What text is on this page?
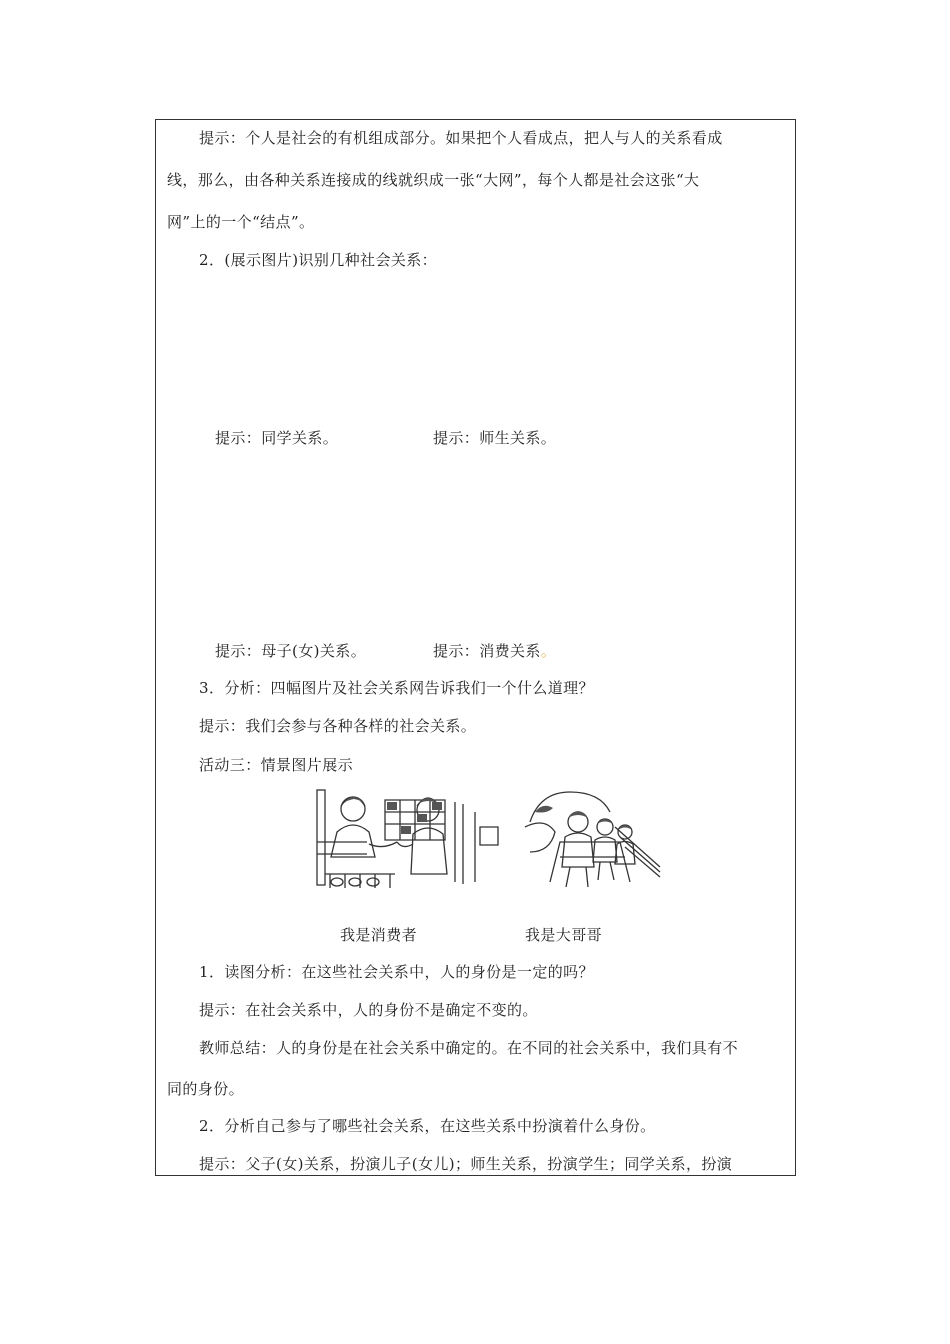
提示：个人是社会的有机组成部分。如果把个人看成点，把人与人的关系看成
线，那么，由各种关系连接成的线就织成一张“大网”，每个人都是社会这张“大
网”上的一个“结点”。
2．(展示图片)识别几种社会关系：
提示：同学关系。	提示：师生关系。
提示：母子(女)关系。	提示：消费关系。
3．分析：四幅图片及社会关系网告诉我们一个什么道理？
提示：我们会参与各种各样的社会关系。
活动三：情景图片展示
我是消费者	我是大哥哥
1．读图分析：在这些社会关系中，人的身份是一定的吗？
提示：在社会关系中，人的身份不是确定不变的。
教师总结：人的身份是在社会关系中确定的。在不同的社会关系中，我们具有不
同的身份。
2．分析自己参与了哪些社会关系，在这些关系中扮演着什么身份。
提示：父子(女)关系，扮演儿子(女儿)；师生关系，扮演学生；同学关系，扮演
